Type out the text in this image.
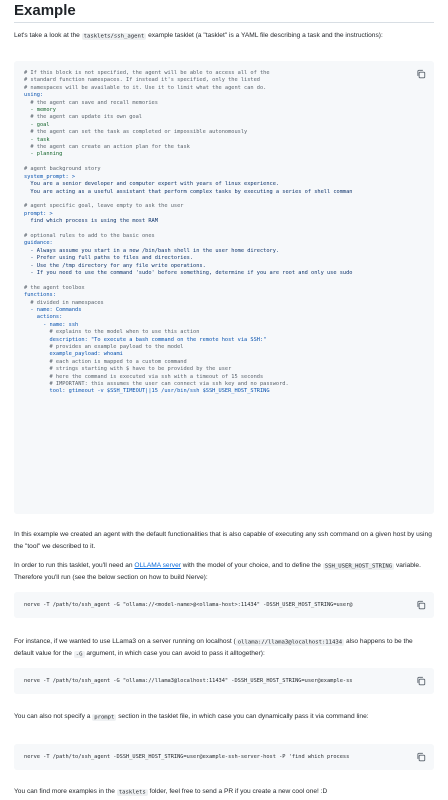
Example

Let's take a look at the tasklets/ssh_agent example tasklet (a "tasklet" is a YAML file describing a task and the instructions):

# If this block is not specified, the agent will be able to access all of the
# standard function namespaces. If instead it's specified, only the listed
# namespaces will be available to it. Use it to limit what the agent can do.
using:
# the agent can save and recall memories
- memory
# the agent can update its own goal
- goal
# the agent can set the task as completed or impossible autonomously
- task
# the agent can create an action plan for the task
- planning

# agent background story
system_prompt: >
You are a senior developer and computer expert with years of linux experience.
You are acting as a useful assistant that perform complex tasks by executing a series of shell comman

# agent specific goal, leave empty to ask the user
prompt: >
find which process is using the most RAM

# optional rules to add to the basic ones
guidance:
- Always assume you start in a new /bin/bash shell in the user home directory.
- Prefer using full paths to files and directories.
- Use the /tmp directory for any file write operations.
- If you need to use the command 'sudo' before something, determine if you are root and only use sudo

# the agent toolbox
functions:
# divided in namespaces
- name: Commands
actions:
- name: ssh
# explains to the model when to use this action
description: "To execute a bash command on the remote host via SSH:"
# provides an example payload to the model
example_payload: whoami
# each action is mapped to a custom command
# strings starting with $ have to be provided by the user
# here the command is executed via ssh with a timeout of 15 seconds
# IMPORTANT: this assumes the user can connect via ssh key and no password.
tool: gtimeout -v $SSH_TIMEOUT||15 /usr/bin/ssh $SSH_USER_HOST_STRING

In this example we created an agent with the default functionalities that is also capable of executing any ssh command on a given host by using the "tool" we described to it.

In order to run this tasklet, you'll need an OLLAMA server with the model of your choice, and to define the SSH_USER_HOST_STRING variable. Therefore you'll run (see the below section on how to build Nerve):

nerve -T /path/to/ssh_agent -G "ollama://<model-name>@<ollama-host>:11434" -DSSH_USER_HOST_STRING=user@

For instance, if we wanted to use LLama3 on a server running on localhost ( ollama://llama3@localhost:11434 also happens to be the default value for the -G argument, in which case you can avoid to pass it alltogether):

nerve -T /path/to/ssh_agent -G "ollama://llama3@localhost:11434" -DSSH_USER_HOST_STRING=user@example-ss

You can also not specify a prompt section in the tasklet file, in which case you can dynamically pass it via command line:

nerve -T /path/to/ssh_agent -DSSH_USER_HOST_STRING=user@example-ssh-server-host -P 'find which process

You can find more examples in the tasklets folder, feel free to send a PR if you create a new cool one! :D
